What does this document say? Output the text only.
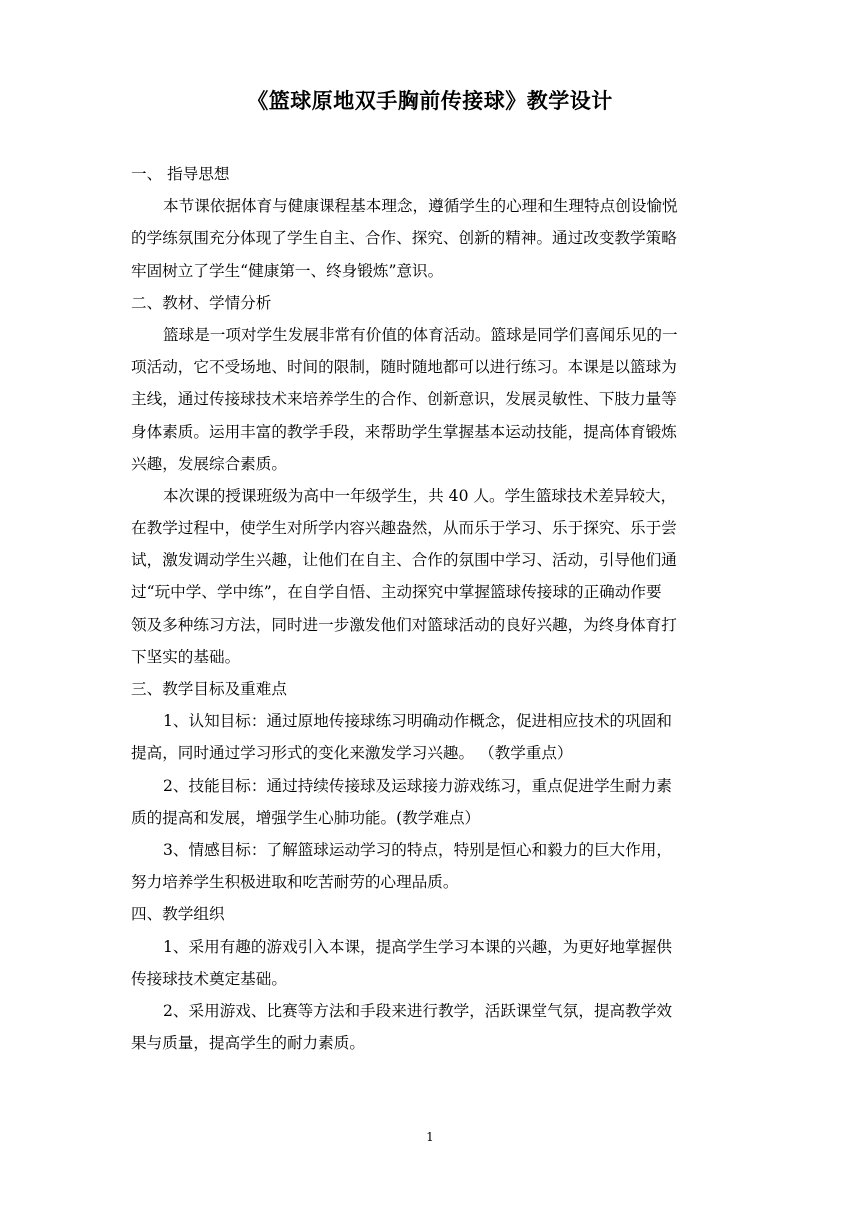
《篮球原地双手胸前传接球》教学设计
一、 指导思想
本节课依据体育与健康课程基本理念，遵循学生的心理和生理特点创设愉悦
的学练氛围充分体现了学生自主、合作、探究、创新的精神。通过改变教学策略
牢固树立了学生“健康第一、终身锻炼”意识。
二、教材、学情分析
篮球是一项对学生发展非常有价值的体育活动。篮球是同学们喜闻乐见的一
项活动，它不受场地、时间的限制，随时随地都可以进行练习。本课是以篮球为
主线，通过传接球技术来培养学生的合作、创新意识，发展灵敏性、下肢力量等
身体素质。运用丰富的教学手段，来帮助学生掌握基本运动技能，提高体育锻炼
兴趣，发展综合素质。
本次课的授课班级为高中一年级学生，共 40 人。学生篮球技术差异较大，
在教学过程中，使学生对所学内容兴趣盎然，从而乐于学习、乐于探究、乐于尝
试，激发调动学生兴趣，让他们在自主、合作的氛围中学习、活动，引导他们通
过“玩中学、学中练”，在自学自悟、主动探究中掌握篮球传接球的正确动作要
领及多种练习方法，同时进一步激发他们对篮球活动的良好兴趣，为终身体育打
下坚实的基础。
三、教学目标及重难点
1、认知目标：通过原地传接球练习明确动作概念，促进相应技术的巩固和
提高，同时通过学习形式的变化来激发学习兴趣。 （教学重点）
2、技能目标：通过持续传接球及运球接力游戏练习，重点促进学生耐力素
质的提高和发展，增强学生心肺功能。(教学难点）
3、情感目标：了解篮球运动学习的特点，特别是恒心和毅力的巨大作用，
努力培养学生积极进取和吃苦耐劳的心理品质。
四、教学组织
1、采用有趣的游戏引入本课，提高学生学习本课的兴趣，为更好地掌握供
传接球技术奠定基础。
2、采用游戏、比赛等方法和手段来进行教学，活跃课堂气氛，提高教学效
果与质量，提高学生的耐力素质。
1
